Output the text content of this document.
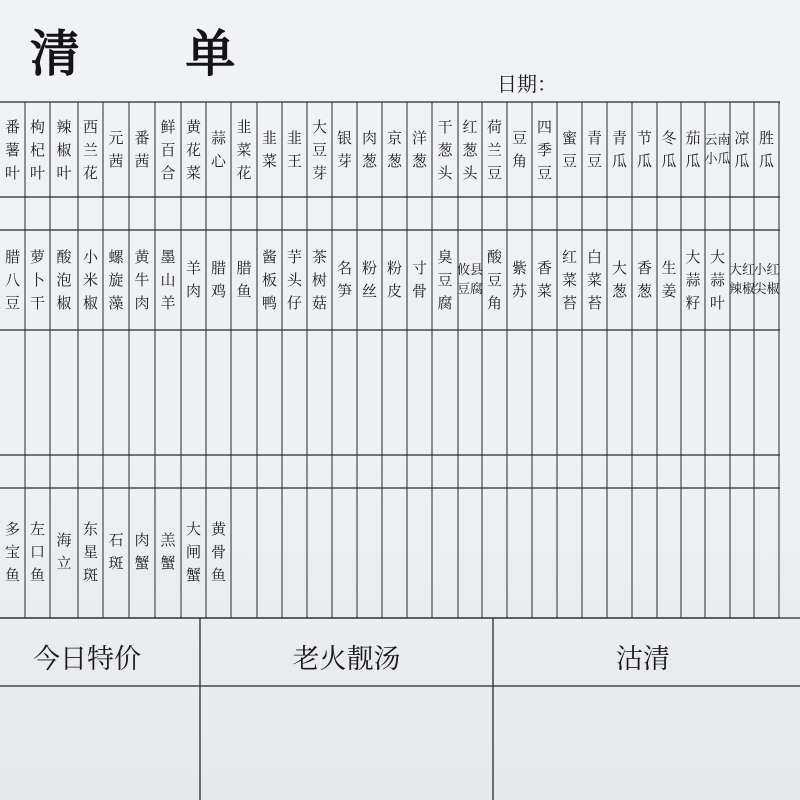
清 单
日期：
番
薯
叶
枸
杞
叶
辣
椒
叶
西
兰
花
元
茜
番
茜
鲜
百
合
黄
花
菜
蒜
心
韭
菜
花
韭
菜
韭
王
大
豆
芽
银
芽
肉
葱
京
葱
洋
葱
干
葱
头
红
葱
头
荷
兰
豆
豆
角
四
季
豆
蜜
豆
青
豆
青
瓜
节
瓜
冬
瓜
茄
瓜
云南
小瓜
凉
瓜
胜
瓜
腊
八
豆
萝
卜
干
酸
泡
椒
小
米
椒
螺
旋
藻
黄
牛
肉
墨
山
羊
羊
肉
腊
鸡
腊
鱼
酱
板
鸭
芋
头
仔
茶
树
菇
名
笋
粉
丝
粉
皮
寸
骨
臭
豆
腐
攸县
豆腐
酸
豆
角
紫
苏
香
菜
红
菜
苔
白
菜
苔
大
葱
香
葱
生
姜
大
蒜
籽
大
蒜
叶
大红
辣椒
小红
尖椒
多
宝
鱼
左
口
鱼
海
立
东
星
斑
石
斑
肉
蟹
羔
蟹
大
闸
蟹
黄
骨
鱼
今日特价	老火靓汤	沽清
